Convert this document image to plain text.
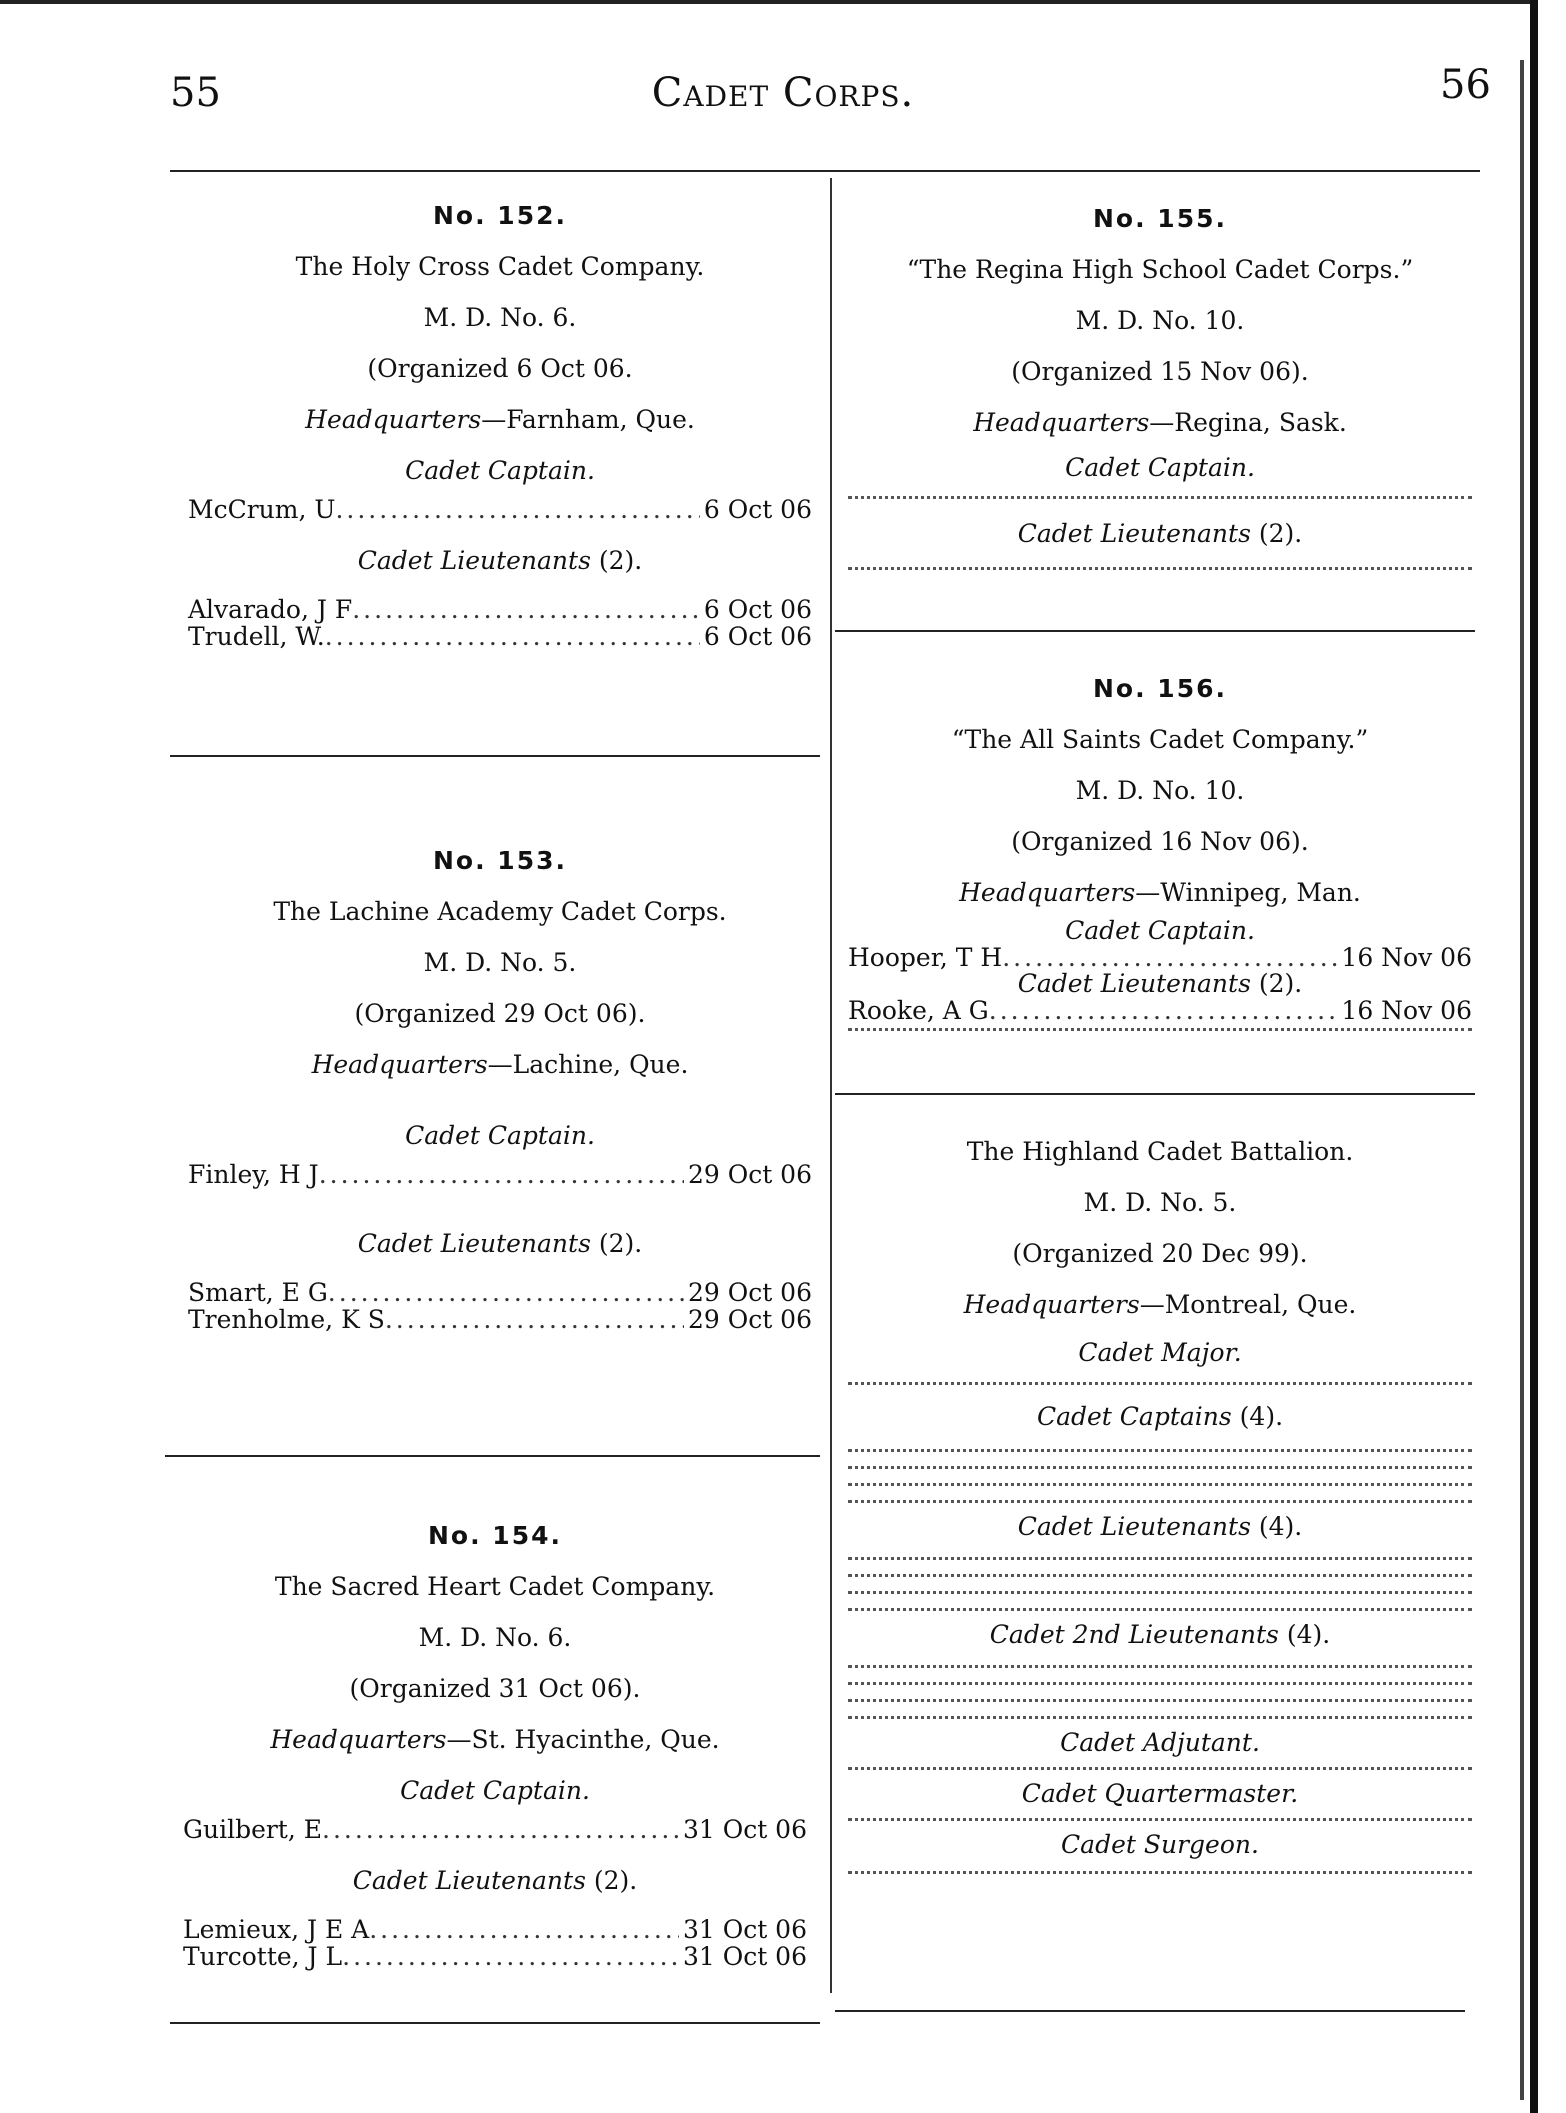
55	Cadet Corps.	56
No. 152.
The Holy Cross Cadet Company.
M. D. No. 6.
(Organized 6 Oct 06.
Headquarters—Farnham, Que.
Cadet Captain.
McCrum, U .....	6 Oct 06
Cadet Lieutenants (2).
Alvarado, J F .....	6 Oct 06
Trudell, W. .....	6 Oct 06
No. 153.
The Lachine Academy Cadet Corps.
M. D. No. 5.
(Organized 29 Oct 06).
Headquarters—Lachine, Que.
Cadet Captain.
Finley, H J .....	29 Oct 06
Cadet Lieutenants (2).
Smart, E G .....	29 Oct 06
Trenholme, K S .....	29 Oct 06
No. 154.
The Sacred Heart Cadet Company.
M. D. No. 6.
(Organized 31 Oct 06).
Headquarters—St. Hyacinthe, Que.
Cadet Captain.
Guilbert, E .....	31 Oct 06
Cadet Lieutenants (2).
Lemieux, J E A .....	31 Oct 06
Turcotte, J L .....	31 Oct 06
No. 155.
“The Regina High School Cadet Corps.”
M. D. No. 10.
(Organized 15 Nov 06).
Headquarters—Regina, Sask.
Cadet Captain.
Cadet Lieutenants (2).
No. 156.
“The All Saints Cadet Company.”
M. D. No. 10.
(Organized 16 Nov 06).
Headquarters—Winnipeg, Man.
Cadet Captain.
Hooper, T H .....	16 Nov 06
Cadet Lieutenants (2).
Rooke, A G .....	16 Nov 06
The Highland Cadet Battalion.
M. D. No. 5.
(Organized 20 Dec 99).
Headquarters—Montreal, Que.
Cadet Major.
Cadet Captains (4).
Cadet Lieutenants (4).
Cadet 2nd Lieutenants (4).
Cadet Adjutant.
Cadet Quartermaster.
Cadet Surgeon.
